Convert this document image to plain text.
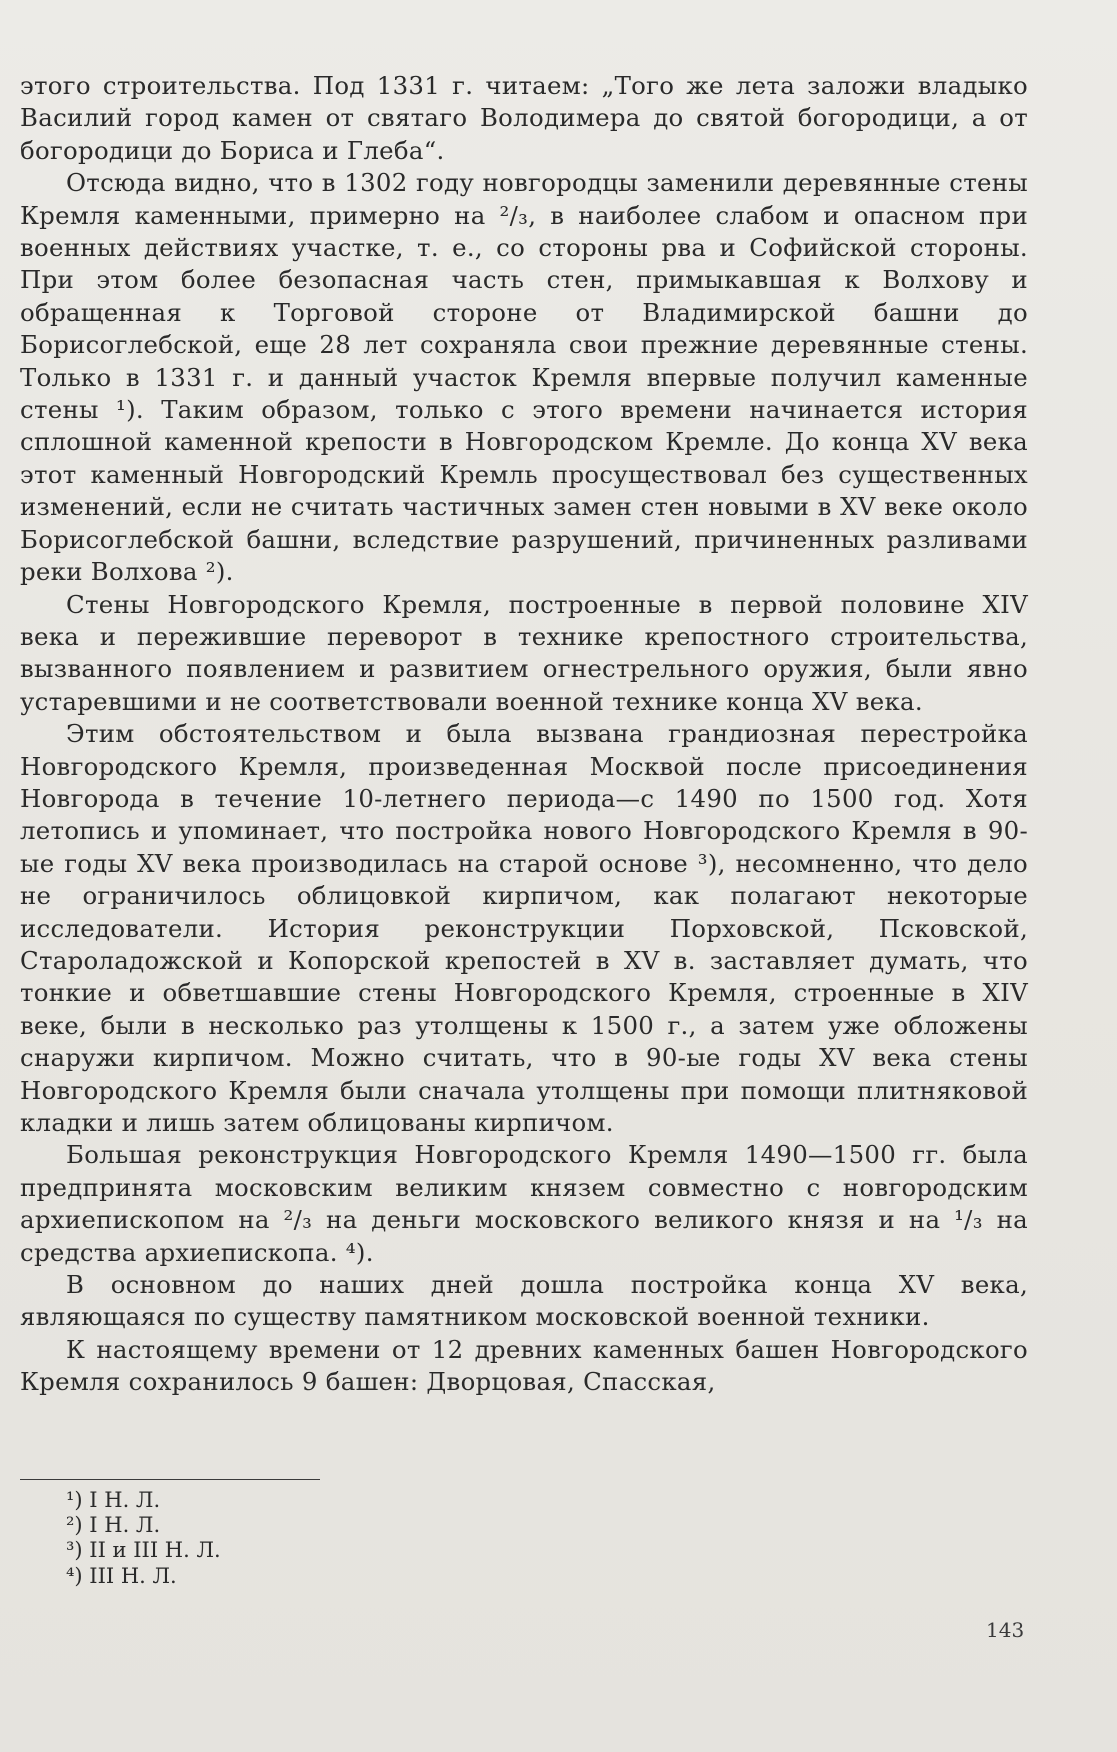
этого строительства. Под 1331 г. читаем: „Того же лета заложи владыко Василий город камен от святаго Володимера до святой богородици, а от богородици до Бориса и Глеба“.

Отсюда видно, что в 1302 году новгородцы заменили деревянные стены Кремля каменными, примерно на ²/₃, в наиболее слабом и опасном при военных действиях участке, т. е., со стороны рва и Софийской стороны. При этом более безопасная часть стен, примыкавшая к Волхову и обращенная к Торговой стороне от Владимирской башни до Борисоглебской, еще 28 лет сохраняла свои прежние деревянные стены. Только в 1331 г. и данный участок Кремля впервые получил каменные стены ¹). Таким образом, только с этого времени начинается история сплошной каменной крепости в Новгородском Кремле. До конца XV века этот каменный Новгородский Кремль просуществовал без существенных изменений, если не считать частичных замен стен новыми в XV веке около Борисоглебской башни, вследствие разрушений, причиненных разливами реки Волхова ²).

Стены Новгородского Кремля, построенные в первой половине XIV века и пережившие переворот в технике крепостного строительства, вызванного появлением и развитием огнестрельного оружия, были явно устаревшими и не соответствовали военной технике конца XV века.

Этим обстоятельством и была вызвана грандиозная перестройка Новгородского Кремля, произведенная Москвой после присоединения Новгорода в течение 10-летнего периода—с 1490 по 1500 год. Хотя летопись и упоминает, что постройка нового Новгородского Кремля в 90-ые годы XV века производилась на старой основе ³), несомненно, что дело не ограничилось облицовкой кирпичом, как полагают некоторые исследователи. История реконструкции Порховской, Псковской, Староладожской и Копорской крепостей в XV в. заставляет думать, что тонкие и обветшавшие стены Новгородского Кремля, строенные в XIV веке, были в несколько раз утолщены к 1500 г., а затем уже обложены снаружи кирпичом. Можно считать, что в 90-ые годы XV века стены Новгородского Кремля были сначала утолщены при помощи плитняковой кладки и лишь затем облицованы кирпичом.

Большая реконструкция Новгородского Кремля 1490—1500 гг. была предпринята московским великим князем совместно с новгородским архиепископом на ²/₃ на деньги московского великого князя и на ¹/₃ на средства архиепископа. ⁴).

В основном до наших дней дошла постройка конца XV века, являющаяся по существу памятником московской военной техники.

К настоящему времени от 12 древних каменных башен Новгородского Кремля сохранилось 9 башен: Дворцовая, Спасская,

¹) I Н. Л.
²) I Н. Л.
³) II и III Н. Л.
⁴) III Н. Л.
143
